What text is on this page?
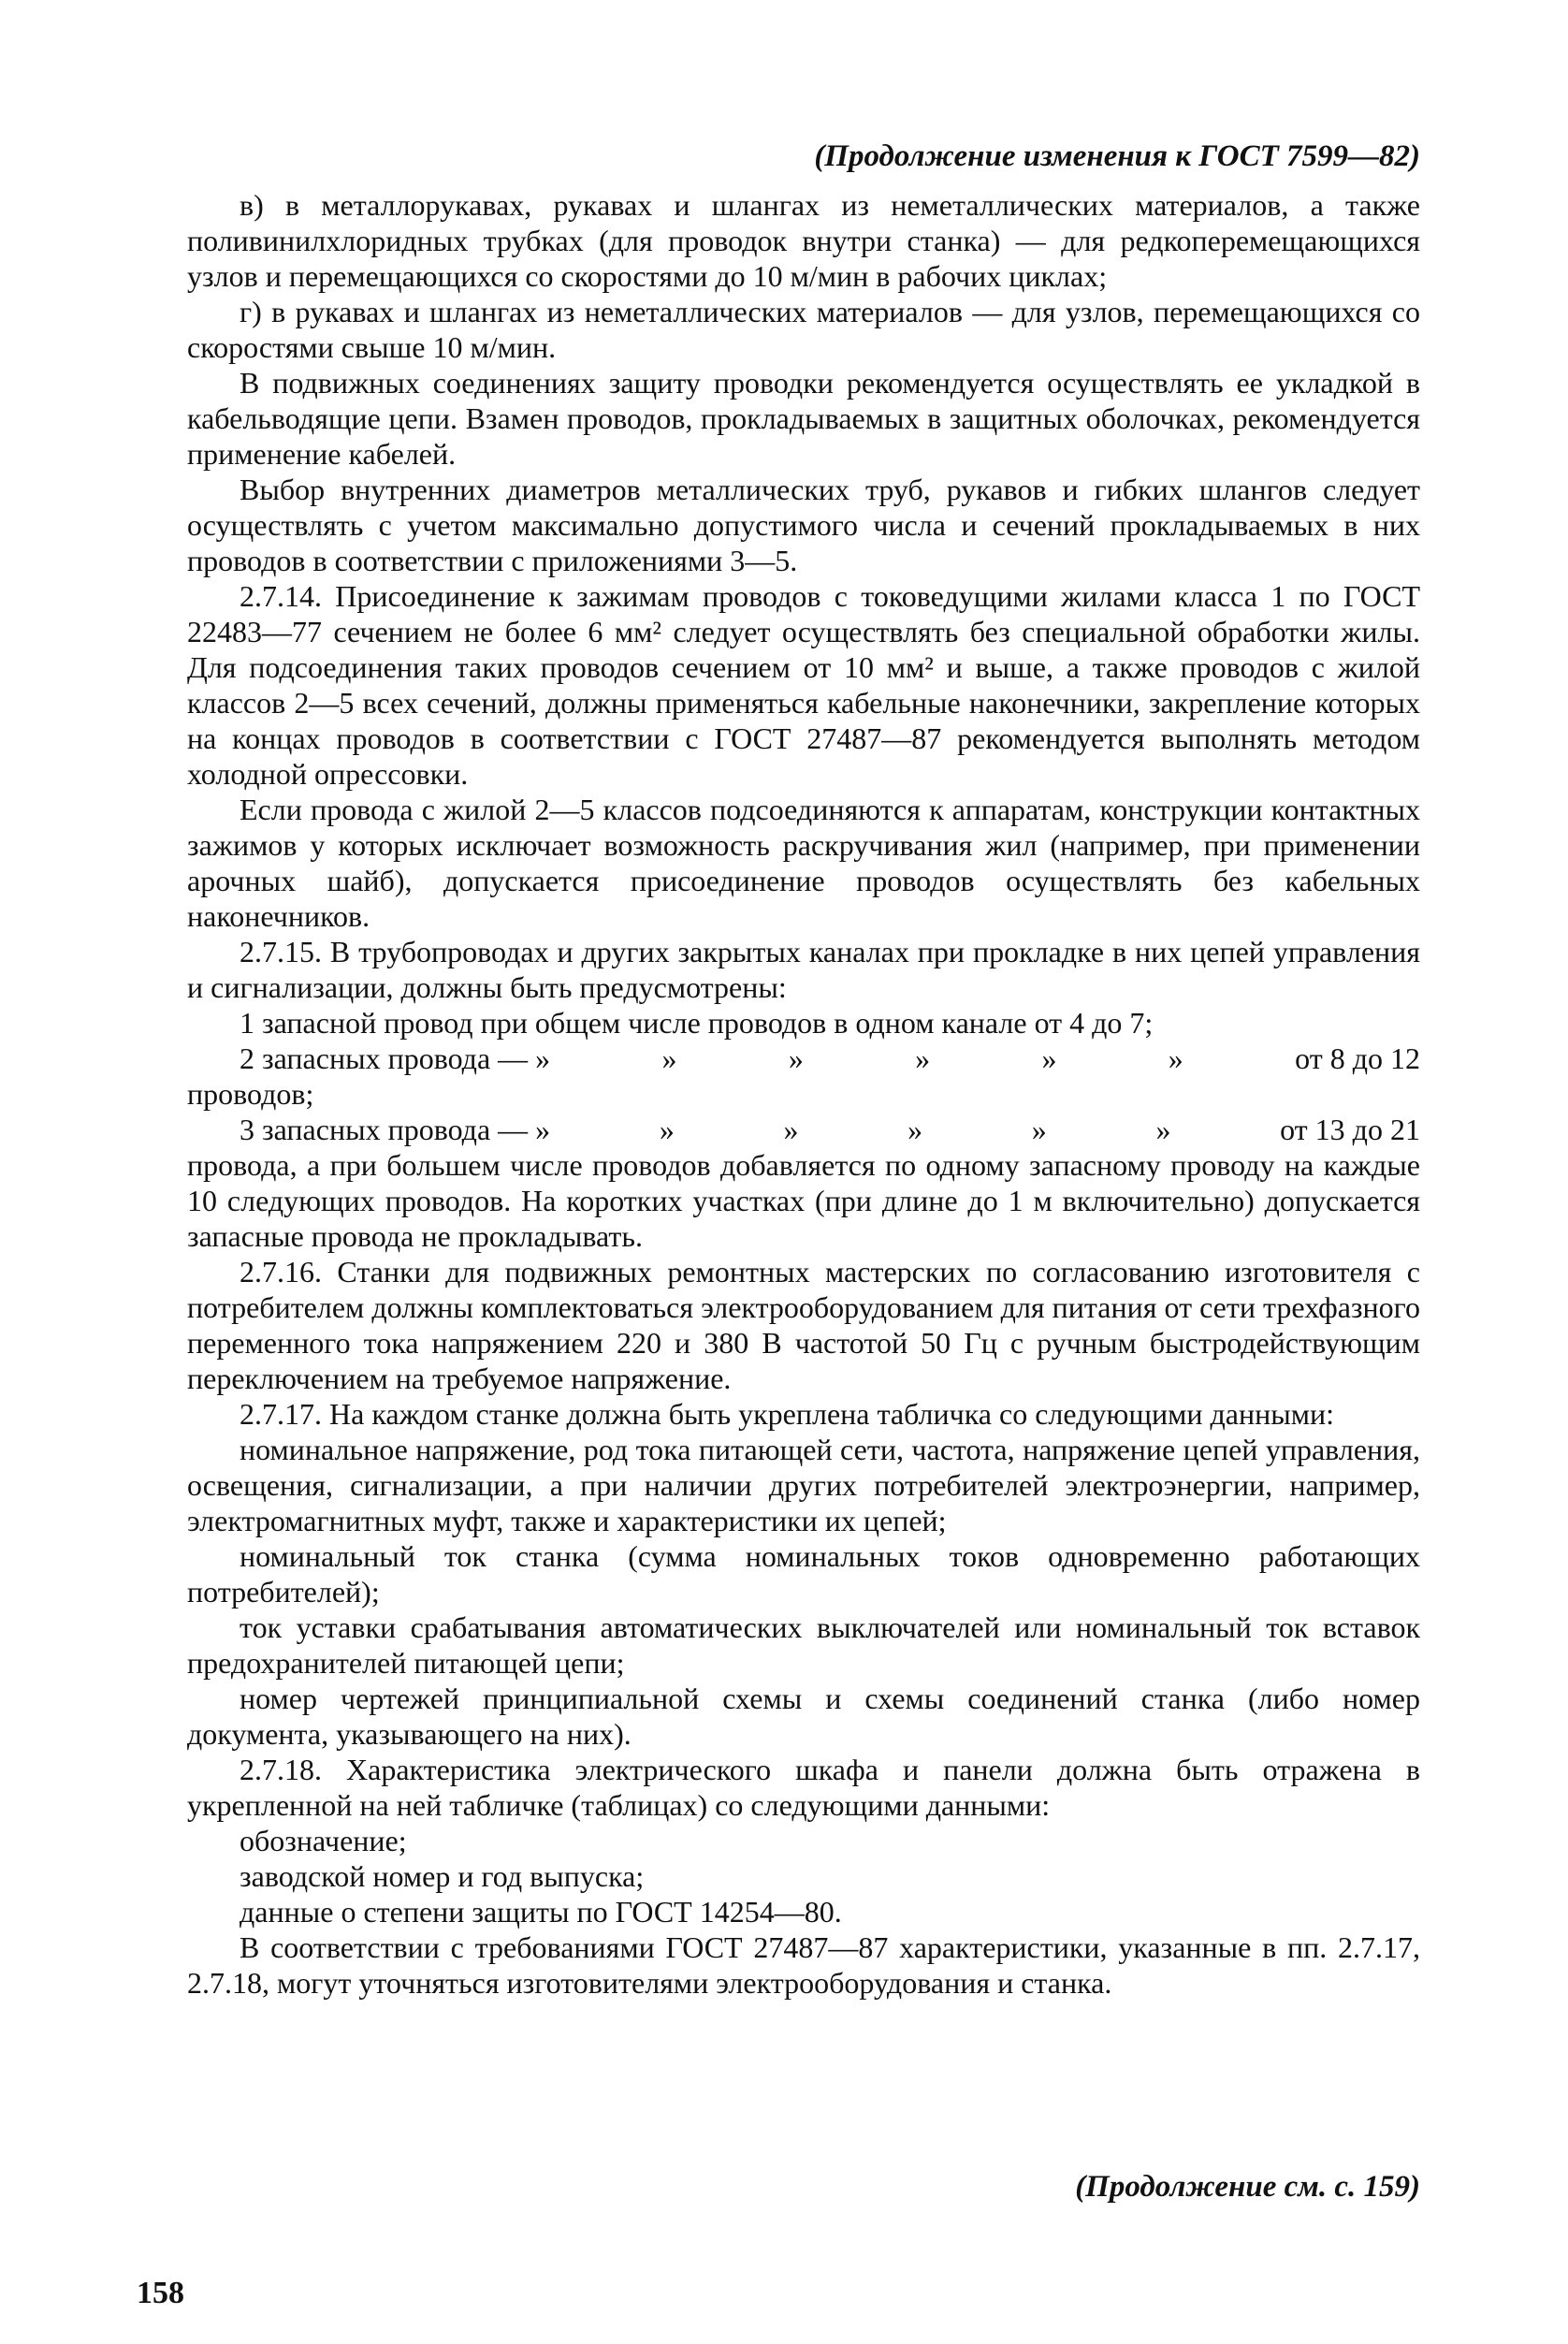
(Продолжение изменения к ГОСТ 7599—82)

в) в металлорукавах, рукавах и шлангах из неметаллических материалов, а также поливинилхлоридных трубках (для проводок внутри станка) — для редкоперемещающихся узлов и перемещающихся со скоростями до 10 м/мин в рабочих циклах;

г) в рукавах и шлангах из неметаллических материалов — для узлов, перемещающихся со скоростями свыше 10 м/мин.

В подвижных соединениях защиту проводки рекомендуется осуществлять ее укладкой в кабельводящие цепи. Взамен проводов, прокладываемых в защитных оболочках, рекомендуется применение кабелей.

Выбор внутренних диаметров металлических труб, рукавов и гибких шлангов следует осуществлять с учетом максимально допустимого числа и сечений прокладываемых в них проводов в соответствии с приложениями 3—5.

2.7.14. Присоединение к зажимам проводов с токоведущими жилами класса 1 по ГОСТ 22483—77 сечением не более 6 мм² следует осуществлять без специальной обработки жилы. Для подсоединения таких проводов сечением от 10 мм² и выше, а также проводов с жилой классов 2—5 всех сечений, должны применяться кабельные наконечники, закрепление которых на концах проводов в соответствии с ГОСТ 27487—87 рекомендуется выполнять методом холодной опрессовки.

Если провода с жилой 2—5 классов подсоединяются к аппаратам, конструкции контактных зажимов у которых исключает возможность раскручивания жил (например, при применении арочных шайб), допускается присоединение проводов осуществлять без кабельных наконечников.

2.7.15. В трубопроводах и других закрытых каналах при прокладке в них цепей управления и сигнализации, должны быть предусмотрены:

1 запасной провод при общем числе проводов в одном канале от 4 до 7;

2 запасных провода — »	»	»	»	»	»	от 8 до 12

проводов;

3 запасных провода — »	»	»	»	»	»	от 13 до 21

провода, а при большем числе проводов добавляется по одному запасному проводу на каждые 10 следующих проводов. На коротких участках (при длине до 1 м включительно) допускается запасные провода не прокладывать.

2.7.16. Станки для подвижных ремонтных мастерских по согласованию изготовителя с потребителем должны комплектоваться электрооборудованием для питания от сети трехфазного переменного тока напряжением 220 и 380 В частотой 50 Гц с ручным быстродействующим переключением на требуемое напряжение.

2.7.17. На каждом станке должна быть укреплена табличка со следующими данными:

номинальное напряжение, род тока питающей сети, частота, напряжение цепей управления, освещения, сигнализации, а при наличии других потребителей электроэнергии, например, электромагнитных муфт, также и характеристики их цепей;

номинальный ток станка (сумма номинальных токов одновременно работающих потребителей);

ток уставки срабатывания автоматических выключателей или номинальный ток вставок предохранителей питающей цепи;

номер чертежей принципиальной схемы и схемы соединений станка (либо номер документа, указывающего на них).

2.7.18. Характеристика электрического шкафа и панели должна быть отражена в укрепленной на ней табличке (таблицах) со следующими данными:

обозначение;

заводской номер и год выпуска;

данные о степени защиты по ГОСТ 14254—80.

В соответствии с требованиями ГОСТ 27487—87 характеристики, указанные в пп. 2.7.17, 2.7.18, могут уточняться изготовителями электрооборудования и станка.

(Продолжение см. с. 159)
158
